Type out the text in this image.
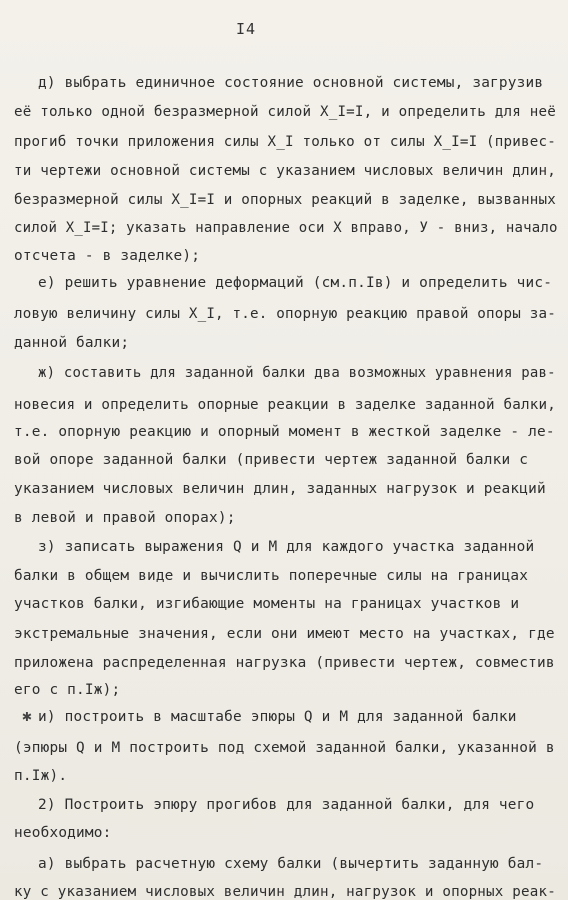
I4
д) выбрать единичное состояние основной системы, загрузив
её только одной безразмерной силой X_I=I, и определить для неё
прогиб точки приложения силы X_I только от силы X_I=I (привес-
ти чертежи основной системы с указанием числовых величин длин,
безразмерной силы X_I=I и опорных реакций в заделке, вызванных
силой X_I=I; указать направление оси X вправо, У - вниз, начало
отсчета - в заделке);
е) решить уравнение деформаций (см.п.Iв) и определить чис-
ловую величину силы X_I, т.е. опорную реакцию правой опоры за-
данной балки;
ж) составить для заданной балки два возможных уравнения рав-
новесия и определить опорные реакции в заделке заданной балки,
т.е. опорную реакцию и опорный момент в жесткой заделке - ле-
вой опоре заданной балки (привести чертеж заданной балки с
указанием числовых величин длин, заданных нагрузок и реакций
в левой и правой опорах);
з) записать выражения Q и M для каждого участка заданной
балки в общем виде и вычислить поперечные силы на границах
участков балки, изгибающие моменты на границах участков и
экстремальные значения, если они имеют место на участках, где
приложена распределенная нагрузка (привести чертеж, совместив
его с п.Iж);
✱ и) построить в масштабе эпюры Q и M для заданной балки
(эпюры Q и M построить под схемой заданной балки, указанной в
п.Iж).
2) Построить эпюру прогибов для заданной балки, для чего
необходимо:
а) выбрать расчетную схему балки (вычертить заданную бал-
ку с указанием числовых величин длин, нагрузок и опорных реак-
